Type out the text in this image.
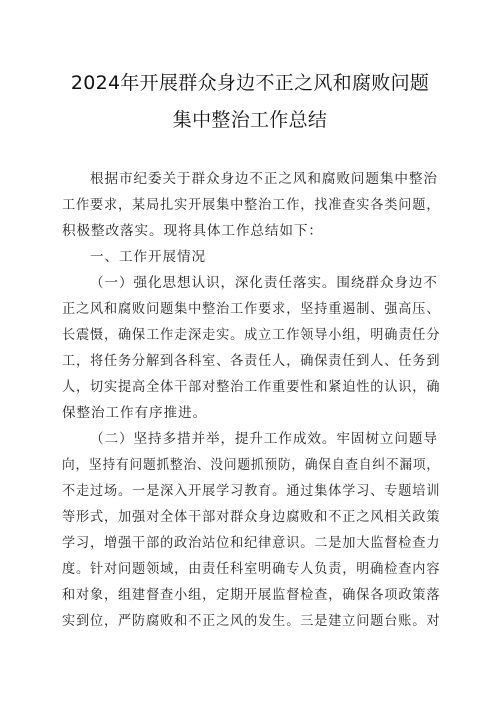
2024年开展群众身边不正之风和腐败问题
集中整治工作总结
根据市纪委关于群众身边不正之风和腐败问题集中整治
工作要求，某局扎实开展集中整治工作，找准查实各类问题，
积极整改落实。现将具体工作总结如下：
一、工作开展情况
（一）强化思想认识，深化责任落实。围绕群众身边不
正之风和腐败问题集中整治工作要求，坚持重遏制、强高压、
长震慑，确保工作走深走实。成立工作领导小组，明确责任分
工，将任务分解到各科室、各责任人，确保责任到人、任务到
人，切实提高全体干部对整治工作重要性和紧迫性的认识，确
保整治工作有序推进。
（二）坚持多措并举，提升工作成效。牢固树立问题导
向，坚持有问题抓整治、没问题抓预防，确保自查自纠不漏项，
不走过场。一是深入开展学习教育。通过集体学习、专题培训
等形式，加强对全体干部对群众身边腐败和不正之风相关政策
学习，增强干部的政治站位和纪律意识。二是加大监督检查力
度。针对问题领域，由责任科室明确专人负责，明确检查内容
和对象，组建督查小组，定期开展监督检查，确保各项政策落
实到位，严防腐败和不正之风的发生。三是建立问题台账。对
